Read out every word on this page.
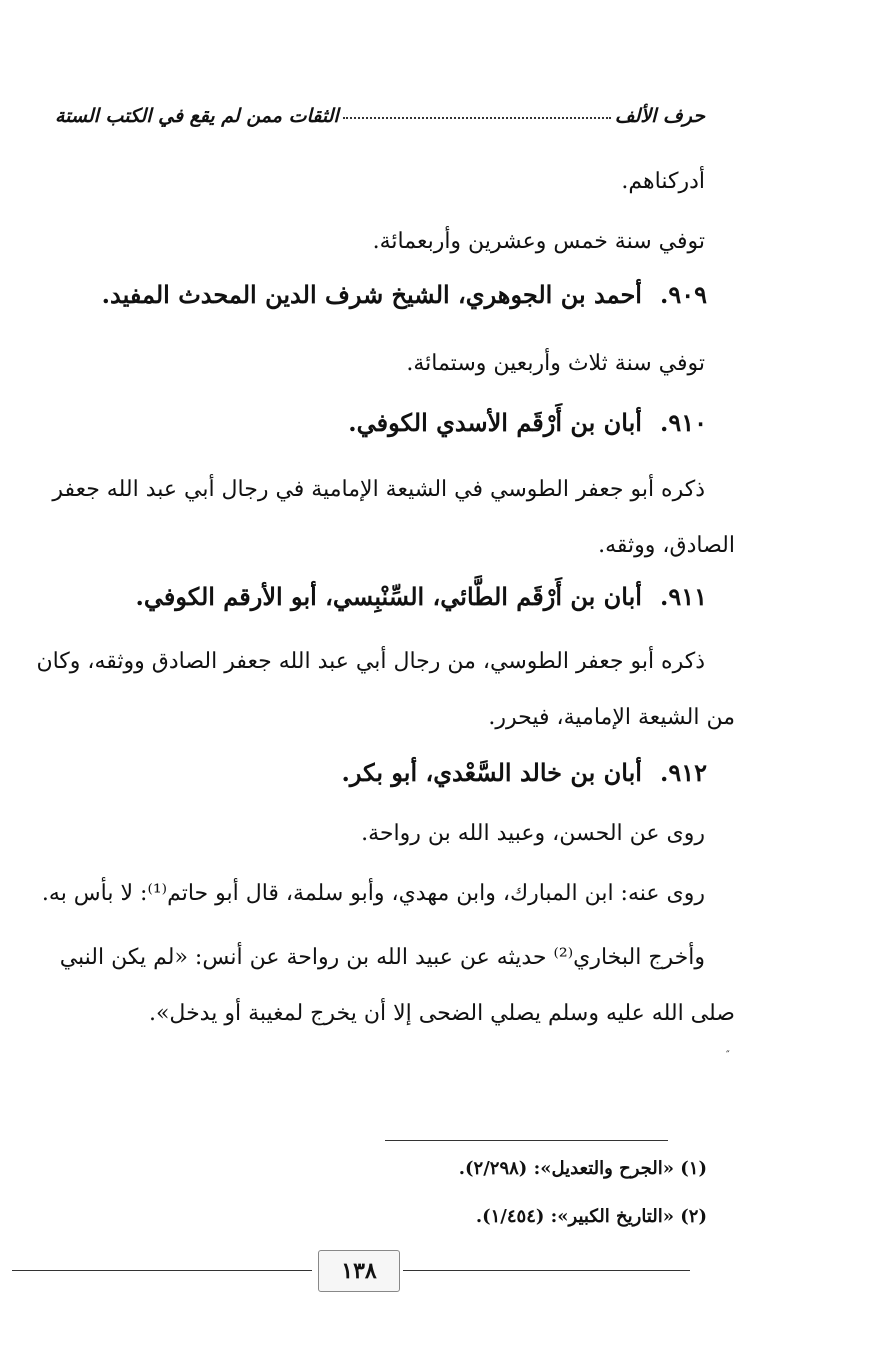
حرف الألف
الثقات ممن لم يقع في الكتب الستة
أدركناهم.
توفي سنة خمس وعشرين وأربعمائة.
٩٠٩.أحمد بن الجوهري، الشيخ شرف الدين المحدث المفيد.
توفي سنة ثلاث وأربعين وستمائة.
٩١٠.أبان بن أَرْقَم الأسدي الكوفي.
ذكره أبو جعفر الطوسي في الشيعة الإمامية في رجال أبي عبد الله جعفر
الصادق، ووثقه.
٩١١.أبان بن أَرْقَم الطَّائي، السِّنْبِسي، أبو الأرقم الكوفي.
ذكره أبو جعفر الطوسي، من رجال أبي عبد الله جعفر الصادق ووثقه، وكان
من الشيعة الإمامية، فيحرر.
٩١٢.أبان بن خالد السَّعْدي، أبو بكر.
روى عن الحسن، وعبيد الله بن رواحة.
روى عنه: ابن المبارك، وابن مهدي، وأبو سلمة، قال أبو حاتم⁽¹⁾: لا بأس به.
وأخرج البخاري⁽²⁾ حديثه عن عبيد الله بن رواحة عن أنس: «لم يكن النبي
صلى الله عليه وسلم يصلي الضحى إلا أن يخرج لمغيبة أو يدخل».
″
(١) «الجرح والتعديل»: (٢/٢٩٨).
(٢) «التاريخ الكبير»: (١/٤٥٤).
١٣٨
